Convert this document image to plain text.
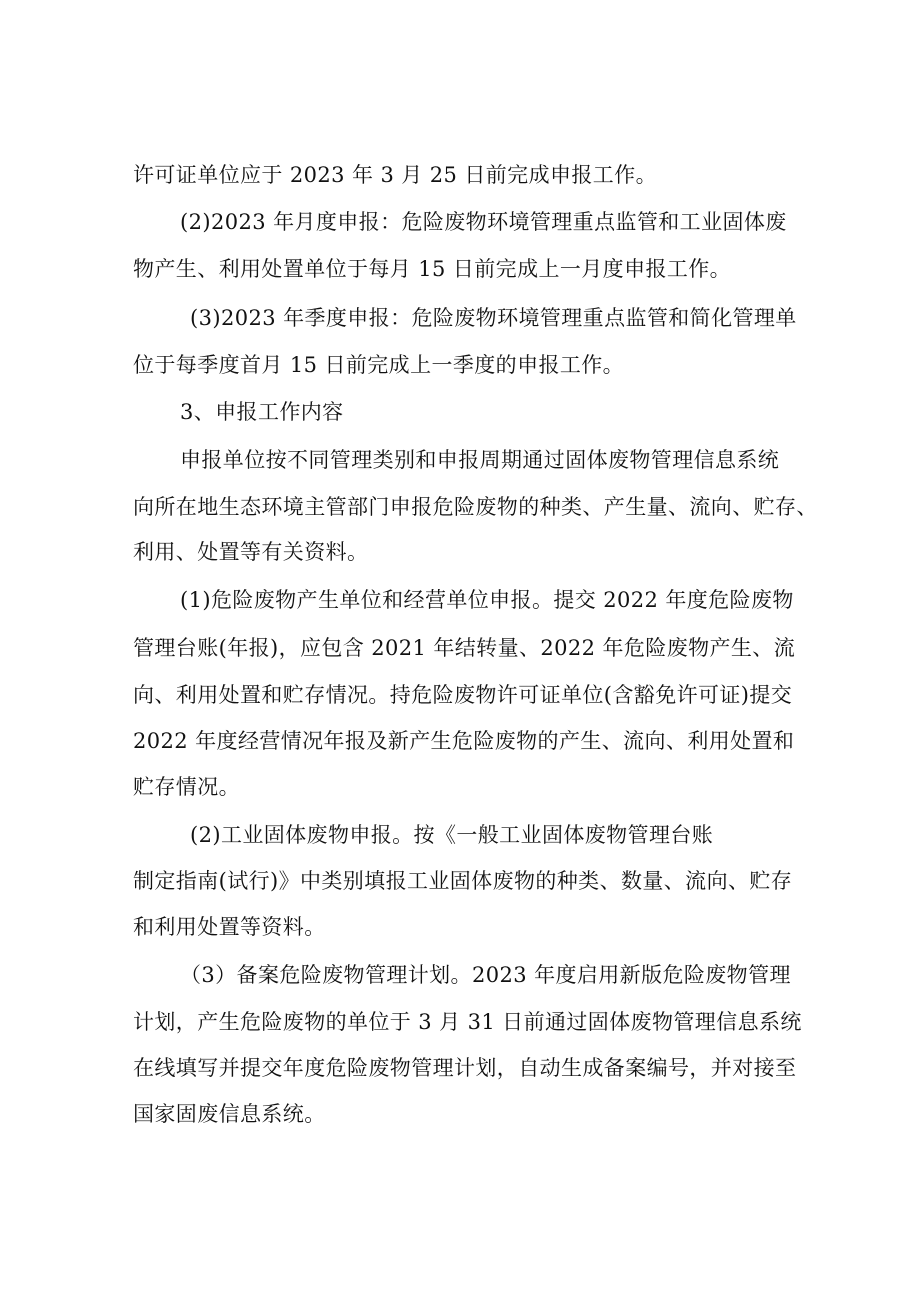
许可证单位应于 2023 年 3 月 25 日前完成申报工作。
(2)2023 年月度申报：危险废物环境管理重点监管和工业固体废
物产生、利用处置单位于每月 15 日前完成上一月度申报工作。
(3)2023 年季度申报：危险废物环境管理重点监管和简化管理单
位于每季度首月 15 日前完成上一季度的申报工作。
3、申报工作内容
申报单位按不同管理类别和申报周期通过固体废物管理信息系统
向所在地生态环境主管部门申报危险废物的种类、产生量、流向、贮存、
利用、处置等有关资料。
(1)危险废物产生单位和经营单位申报。提交 2022 年度危险废物
管理台账(年报)，应包含 2021 年结转量、2022 年危险废物产生、流
向、利用处置和贮存情况。持危险废物许可证单位(含豁免许可证)提交
2022 年度经营情况年报及新产生危险废物的产生、流向、利用处置和
贮存情况。
(2)工业固体废物申报。按《一般工业固体废物管理台账
制定指南(试行)》中类别填报工业固体废物的种类、数量、流向、贮存
和利用处置等资料。
（3）备案危险废物管理计划。2023 年度启用新版危险废物管理
计划，产生危险废物的单位于 3 月 31 日前通过固体废物管理信息系统
在线填写并提交年度危险废物管理计划，自动生成备案编号，并对接至
国家固废信息系统。
